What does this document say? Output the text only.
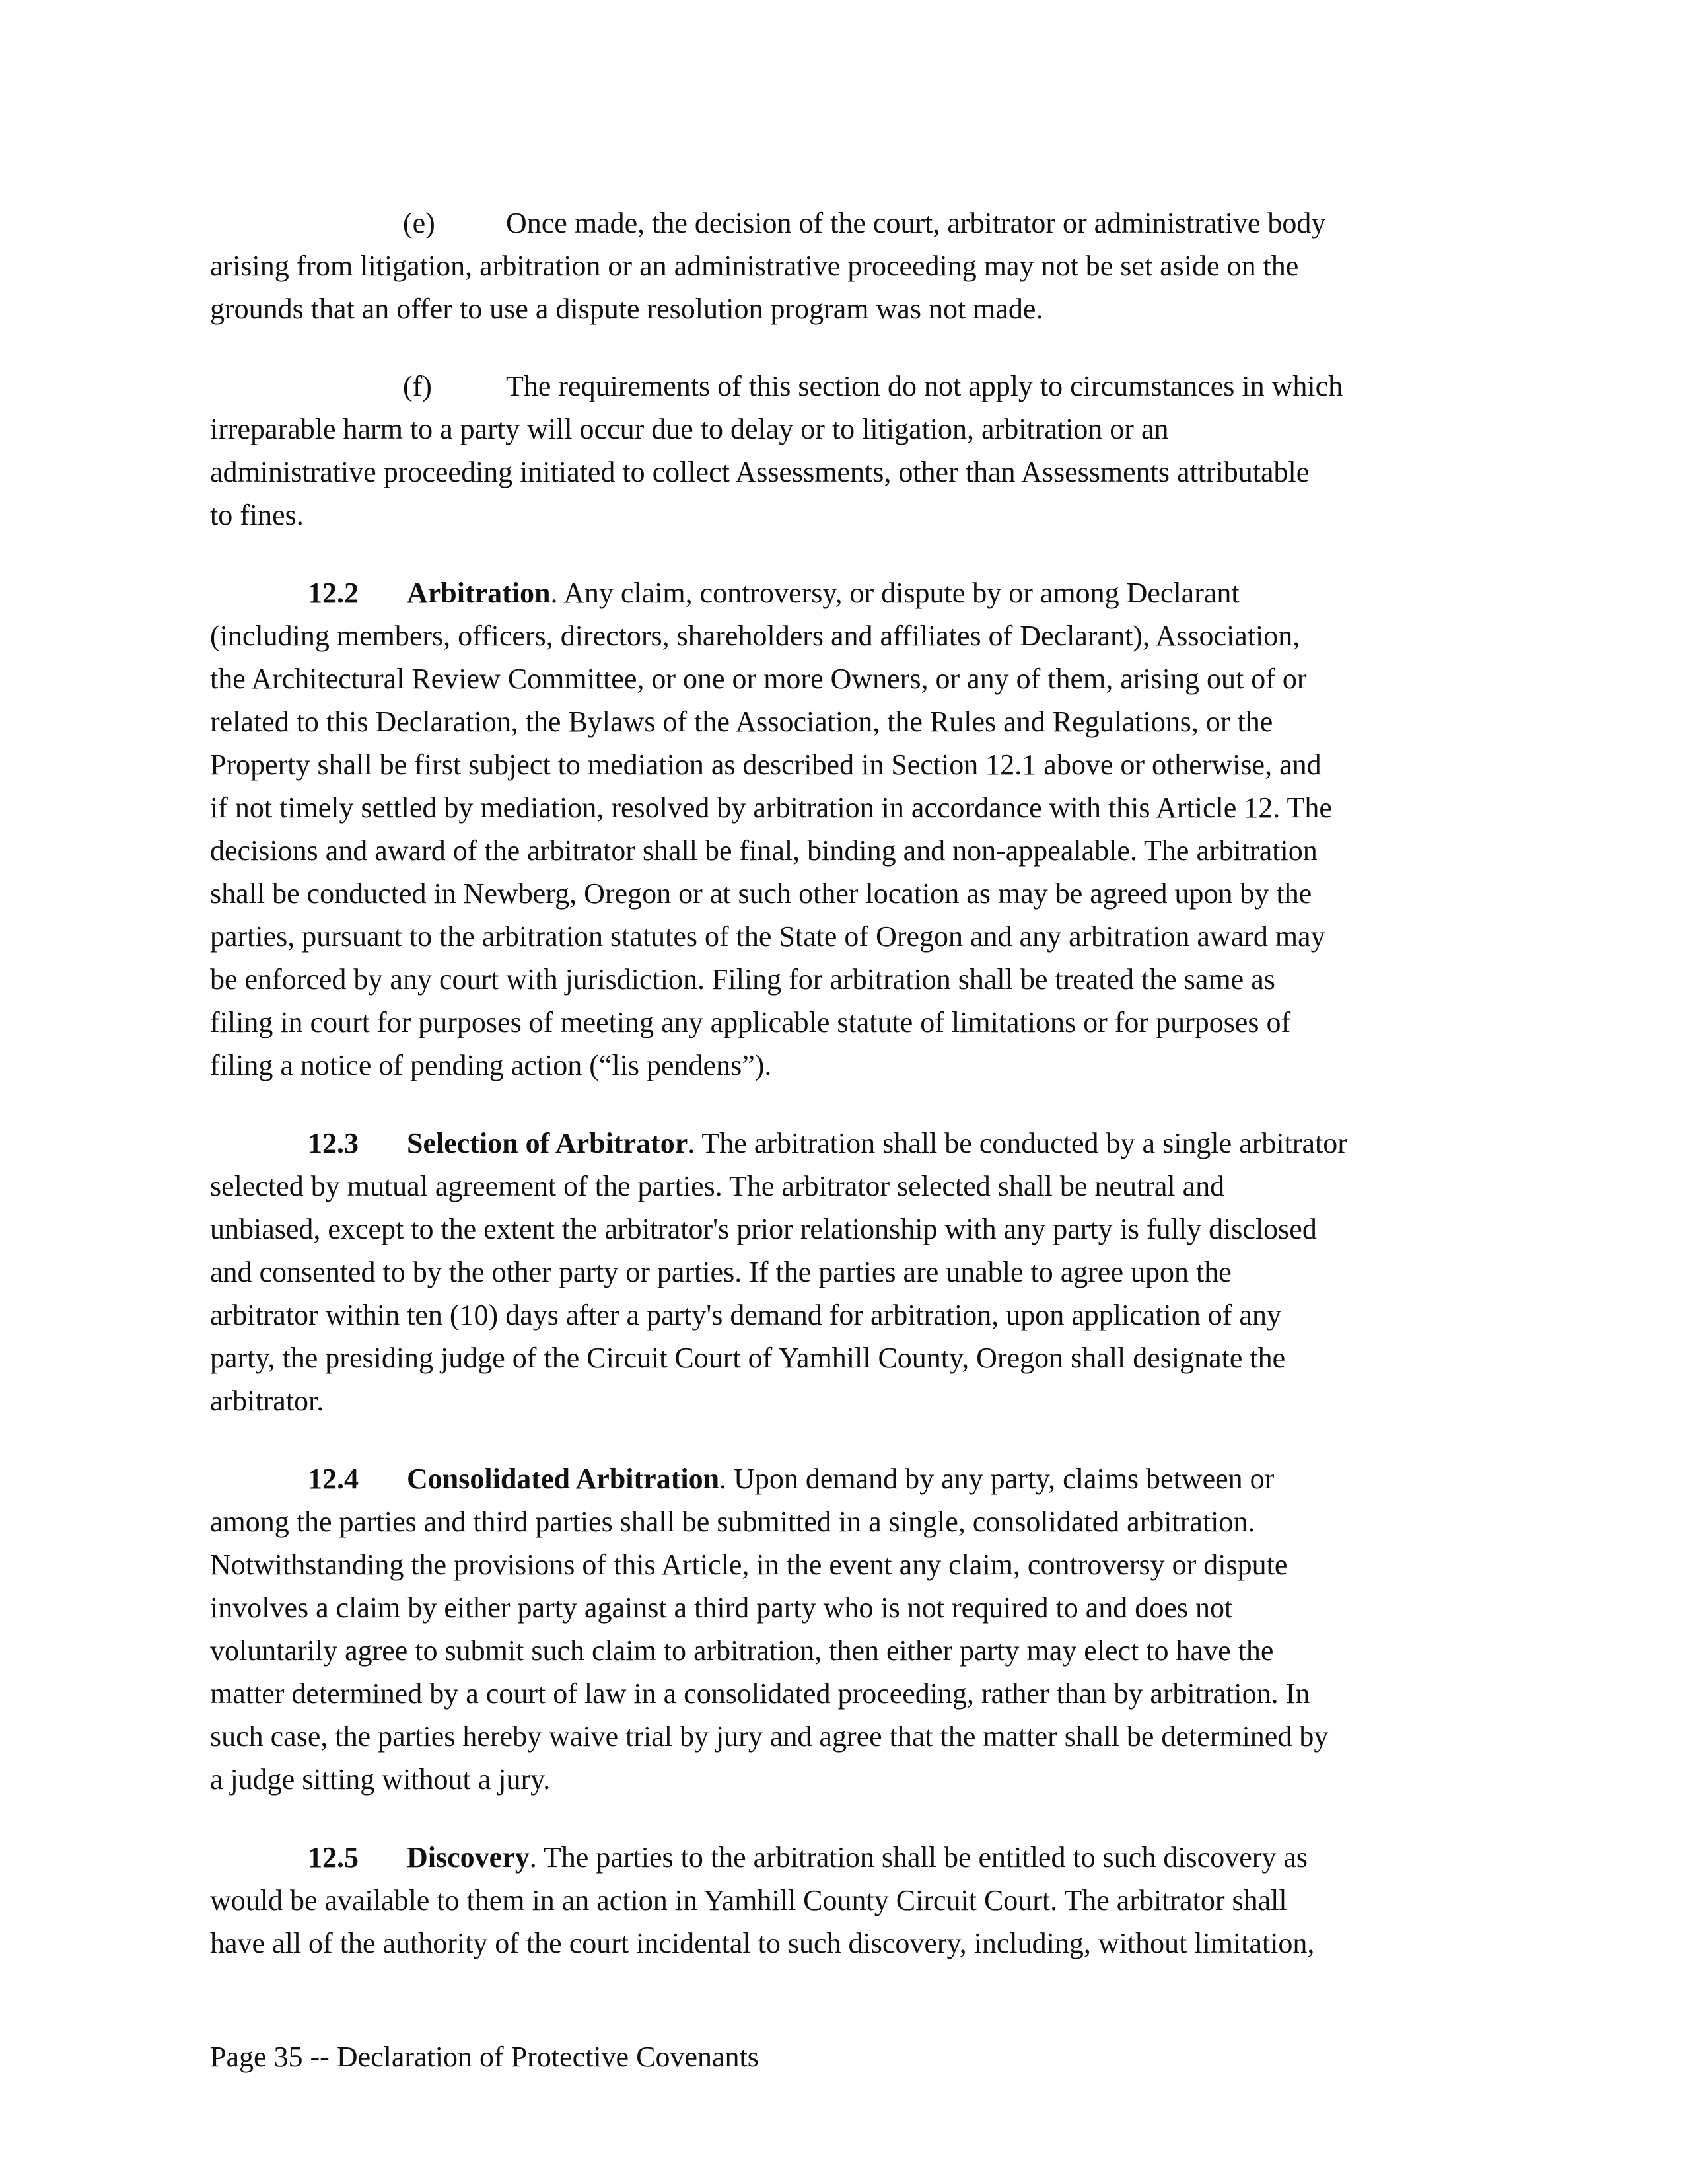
(e) Once made, the decision of the court, arbitrator or administrative body

arising from litigation, arbitration or an administrative proceeding may not be set aside on the

grounds that an offer to use a dispute resolution program was not made.

(f)	The requirements of this section do not apply to circumstances in which

irreparable harm to a party will occur due to delay or to litigation, arbitration or an

administrative proceeding initiated to collect Assessments, other than Assessments attributable

to fines.

12.2 Arbitration. Any claim, controversy, or dispute by or among Declarant

(including members, officers, directors, shareholders and affiliates of Declarant), Association,

the Architectural Review Committee, or one or more Owners, or any of them, arising out of or

related to this Declaration, the Bylaws of the Association, the Rules and Regulations, or the

Property shall be first subject to mediation as described in Section 12.1 above or otherwise, and

if not timely settled by mediation, resolved by arbitration in accordance with this Article 12. The

decisions and award of the arbitrator shall be final, binding and non-appealable. The arbitration

shall be conducted in Newberg, Oregon or at such other location as may be agreed upon by the

parties, pursuant to the arbitration statutes of the State of Oregon and any arbitration award may

be enforced by any court with jurisdiction. Filing for arbitration shall be treated the same as

filing in court for purposes of meeting any applicable statute of limitations or for purposes of

filing a notice of pending action (“lis pendens”).

12.3 Selection of Arbitrator. The arbitration shall be conducted by a single arbitrator

selected by mutual agreement of the parties. The arbitrator selected shall be neutral and

unbiased, except to the extent the arbitrator's prior relationship with any party is fully disclosed

and consented to by the other party or parties. If the parties are unable to agree upon the

arbitrator within ten (10) days after a party's demand for arbitration, upon application of any

party, the presiding judge of the Circuit Court of Yamhill County, Oregon shall designate the

arbitrator.

12.4 Consolidated Arbitration. Upon demand by any party, claims between or

among the parties and third parties shall be submitted in a single, consolidated arbitration.

Notwithstanding the provisions of this Article, in the event any claim, controversy or dispute

involves a claim by either party against a third party who is not required to and does not

voluntarily agree to submit such claim to arbitration, then either party may elect to have the

matter determined by a court of law in a consolidated proceeding, rather than by arbitration. In

such case, the parties hereby waive trial by jury and agree that the matter shall be determined by

a judge sitting without a jury.

12.5 Discovery. The parties to the arbitration shall be entitled to such discovery as

would be available to them in an action in Yamhill County Circuit Court. The arbitrator shall

have all of the authority of the court incidental to such discovery, including, without limitation,

Page 35 -- Declaration of Protective Covenants
